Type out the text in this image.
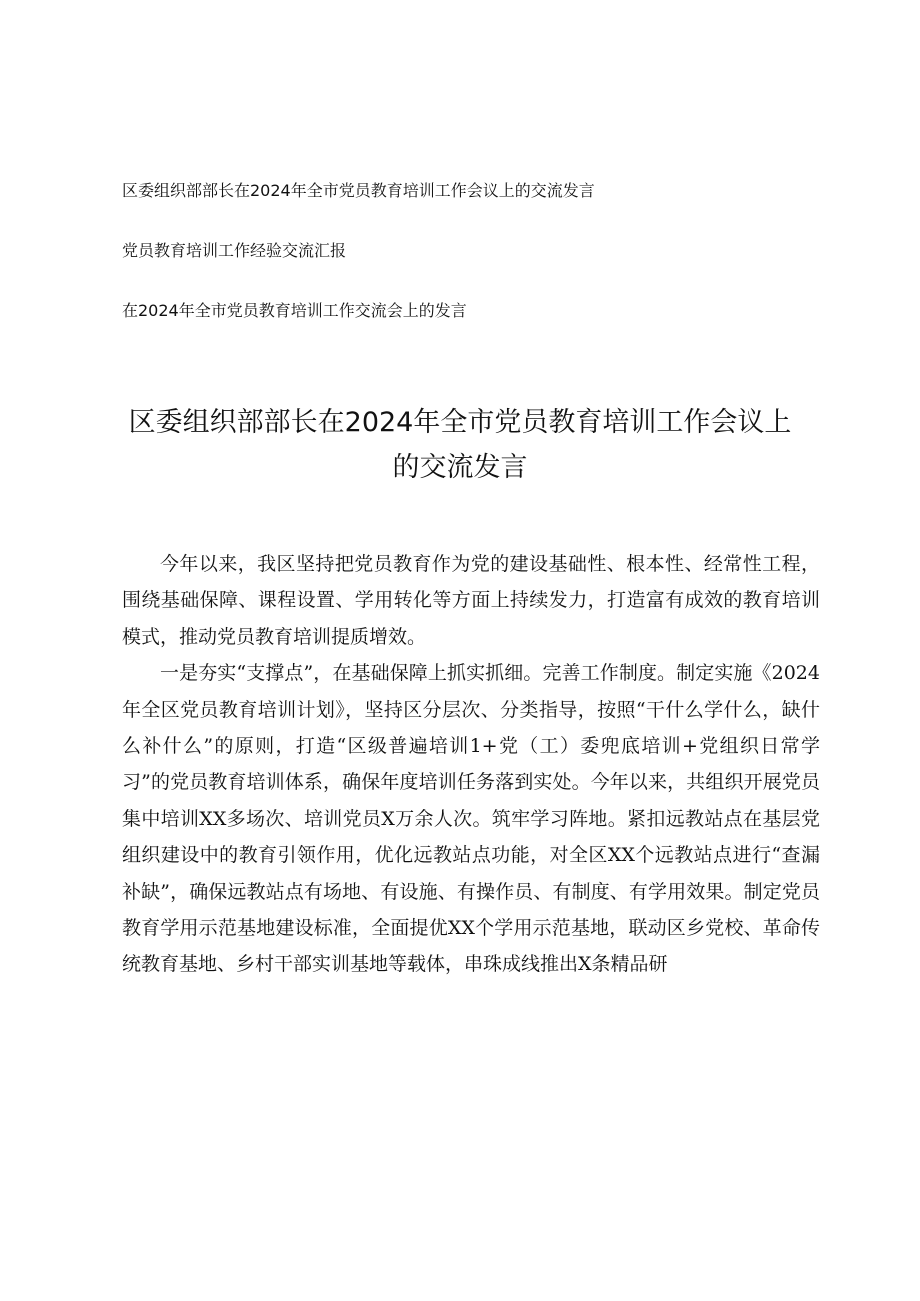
区委组织部部长在2024年全市党员教育培训工作会议上的交流发言
党员教育培训工作经验交流汇报
在2024年全市党员教育培训工作交流会上的发言
区委组织部部长在2024年全市党员教育培训工作会议上
的交流发言

今年以来，我区坚持把党员教育作为党的建设基础性、根本性、经常性工程，围绕基础保障、课程设置、学用转化等方面上持续发力，打造富有成效的教育培训模式，推动党员教育培训提质增效。

一是夯实“支撑点”，在基础保障上抓实抓细。完善工作制度。制定实施《2024年全区党员教育培训计划》，坚持区分层次、分类指导，按照“干什么学什么，缺什么补什么”的原则，打造“区级普遍培训1+党（工）委兜底培训+党组织日常学习”的党员教育培训体系，确保年度培训任务落到实处。今年以来，共组织开展党员集中培训XX多场次、培训党员X万余人次。筑牢学习阵地。紧扣远教站点在基层党组织建设中的教育引领作用，优化远教站点功能，对全区XX个远教站点进行“查漏补缺”，确保远教站点有场地、有设施、有操作员、有制度、有学用效果。制定党员教育学用示范基地建设标准，全面提优XX个学用示范基地，联动区乡党校、革命传统教育基地、乡村干部实训基地等载体，串珠成线推出X条精品研
